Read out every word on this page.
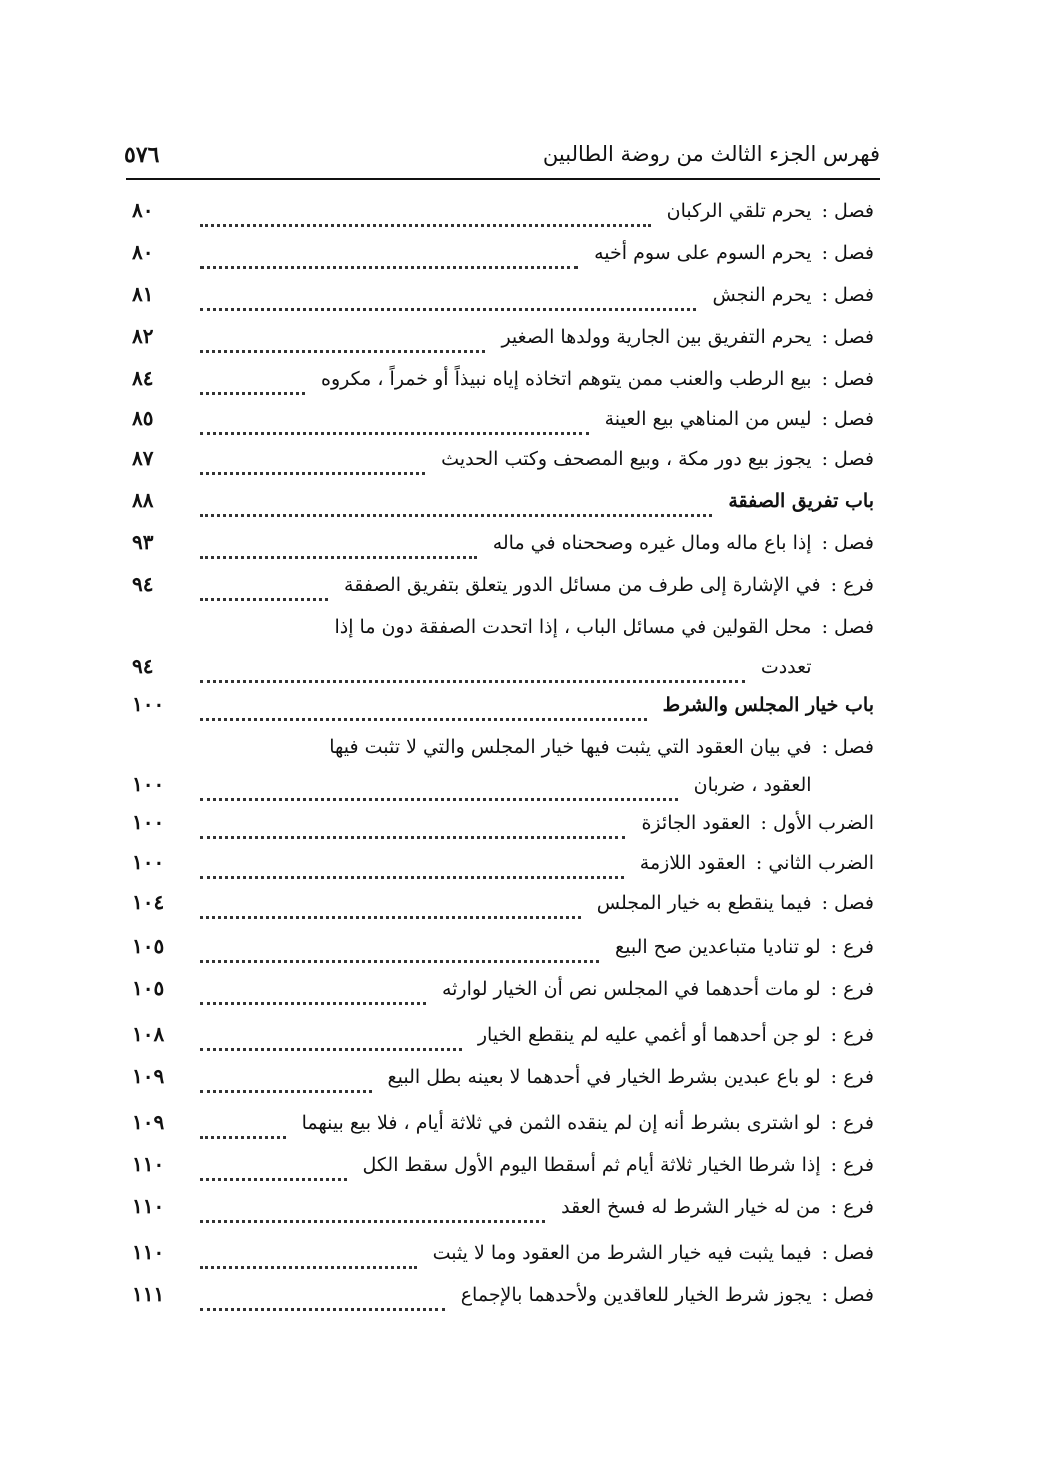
فهرس الجزء الثالث من روضة الطالبين
٥٧٦
فصل :
يحرم تلقي الركبان
٨٠
فصل :
يحرم السوم على سوم أخيه
٨٠
فصل :
يحرم النجش
٨١
فصل :
يحرم التفريق بين الجارية وولدها الصغير
٨٢
فصل :
بيع الرطب والعنب ممن يتوهم اتخاذه إياه نبيذاً أو خمراً ، مكروه
٨٤
فصل :
ليس من المناهي بيع العينة
٨٥
فصل :
يجوز بيع دور مكة ، وبيع المصحف وكتب الحديث
٨٧
باب تفريق الصفقة
٨٨
فصل :
إذا باع ماله ومال غيره وصححناه في ماله
٩٣
فرع :
في الإشارة إلى طرف من مسائل الدور يتعلق بتفريق الصفقة
٩٤
فصل :
محل القولين في مسائل الباب ، إذا اتحدت الصفقة دون ما إذا
تعددت
٩٤
باب خيار المجلس والشرط
١٠٠
فصل :
في بيان العقود التي يثبت فيها خيار المجلس والتي لا تثبت فيها
العقود ، ضربان
١٠٠
الضرب الأول :
العقود الجائزة
١٠٠
الضرب الثاني :
العقود اللازمة
١٠٠
فصل :
فيما ينقطع به خيار المجلس
١٠٤
فرع :
لو تناديا متباعدين صح البيع
١٠٥
فرع :
لو مات أحدهما في المجلس نص أن الخيار لوارثه
١٠٥
فرع :
لو جن أحدهما أو أغمي عليه لم ينقطع الخيار
١٠٨
فرع :
لو باع عبدين بشرط الخيار في أحدهما لا بعينه بطل البيع
١٠٩
فرع :
لو اشترى بشرط أنه إن لم ينقده الثمن في ثلاثة أيام ، فلا بيع بينهما
١٠٩
فرع :
إذا شرطا الخيار ثلاثة أيام ثم أسقطا اليوم الأول سقط الكل
١١٠
فرع :
من له خيار الشرط له فسخ العقد
١١٠
فصل :
فيما يثبت فيه خيار الشرط من العقود وما لا يثبت
١١٠
فصل :
يجوز شرط الخيار للعاقدين ولأحدهما بالإجماع
١١١
